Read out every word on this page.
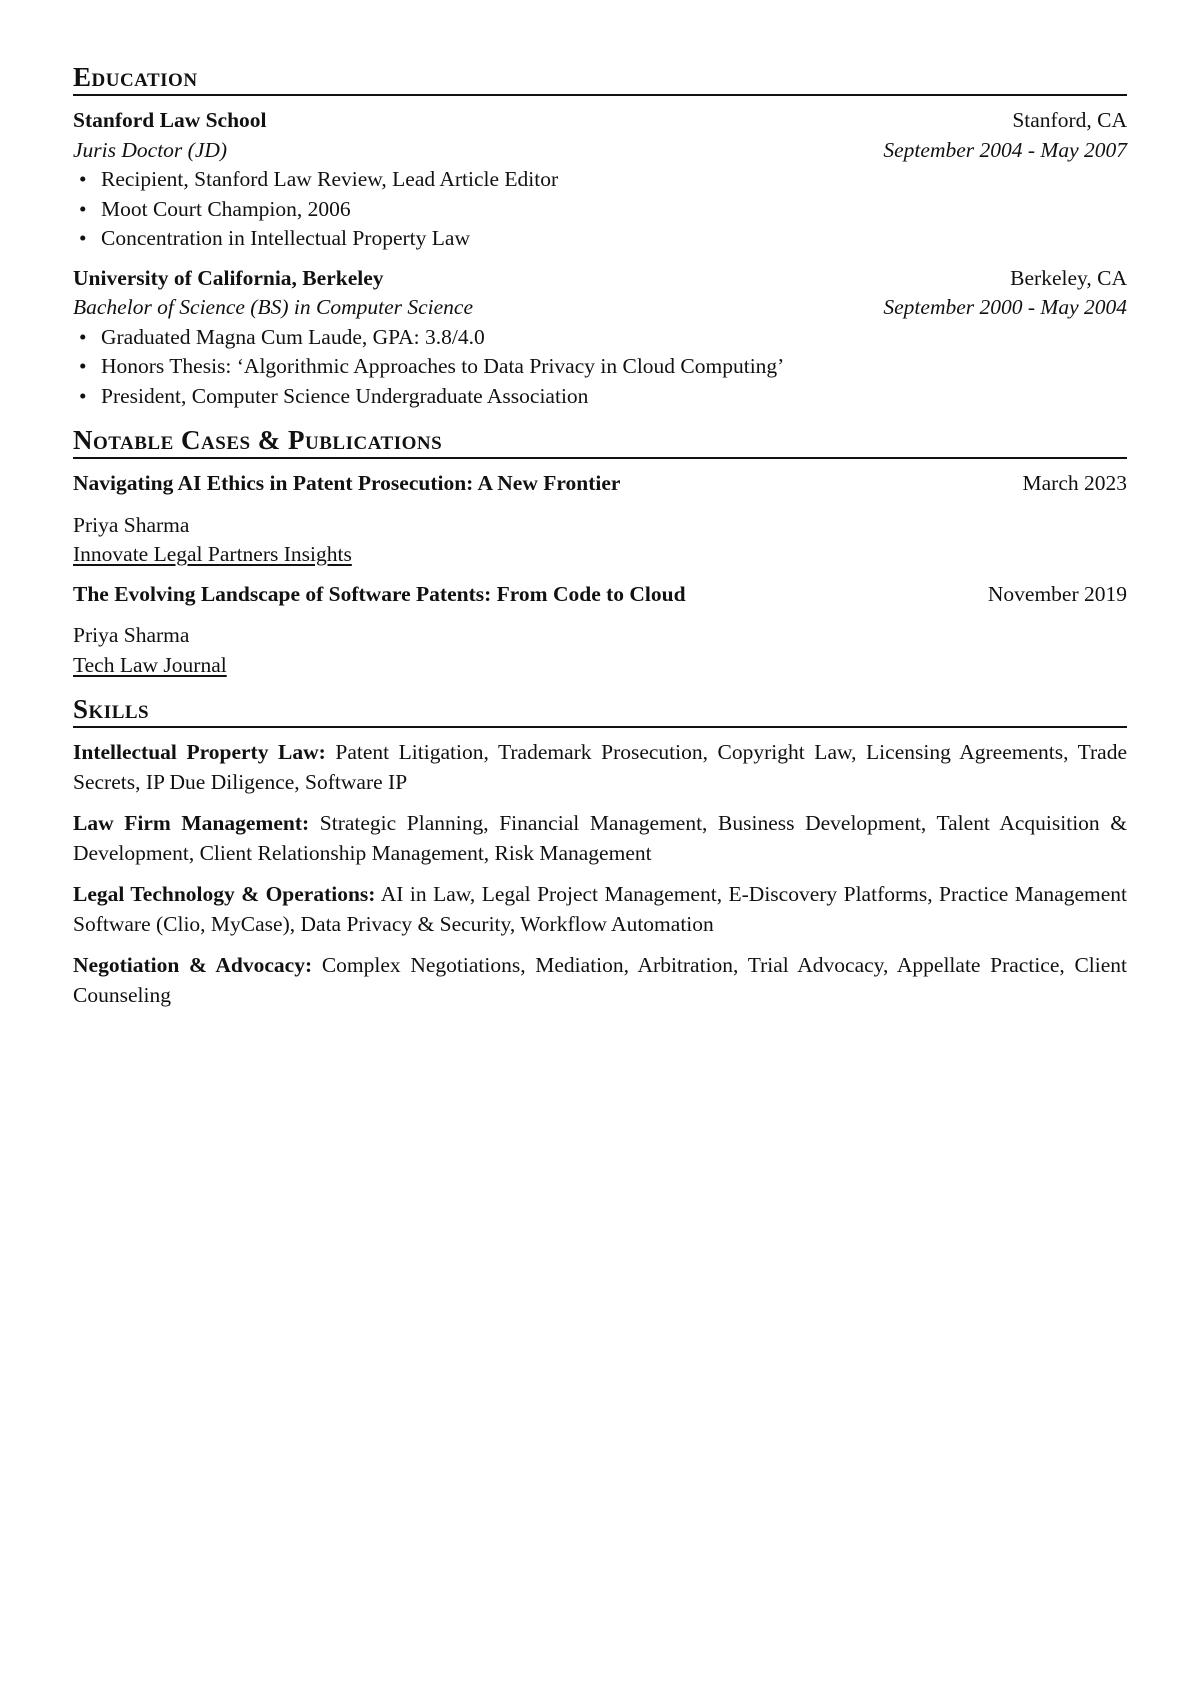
Education
Stanford Law School	Stanford, CA
Juris Doctor (JD)	September 2004 - May 2007
• Recipient, Stanford Law Review, Lead Article Editor
• Moot Court Champion, 2006
• Concentration in Intellectual Property Law
University of California, Berkeley	Berkeley, CA
Bachelor of Science (BS) in Computer Science	September 2000 - May 2004
• Graduated Magna Cum Laude, GPA: 3.8/4.0
• Honors Thesis: ‘Algorithmic Approaches to Data Privacy in Cloud Computing’
• President, Computer Science Undergraduate Association
Notable Cases & Publications
Navigating AI Ethics in Patent Prosecution: A New Frontier	March 2023
Priya Sharma
Innovate Legal Partners Insights
The Evolving Landscape of Software Patents: From Code to Cloud	November 2019
Priya Sharma
Tech Law Journal
Skills
Intellectual Property Law: Patent Litigation, Trademark Prosecution, Copyright Law, Licensing Agreements, Trade Secrets, IP Due Diligence, Software IP
Law Firm Management: Strategic Planning, Financial Management, Business Development, Talent Acquisition & Development, Client Relationship Management, Risk Management
Legal Technology & Operations: AI in Law, Legal Project Management, E-Discovery Platforms, Practice Management Software (Clio, MyCase), Data Privacy & Security, Workflow Automation
Negotiation & Advocacy: Complex Negotiations, Mediation, Arbitration, Trial Advocacy, Appellate Practice, Client Counseling
